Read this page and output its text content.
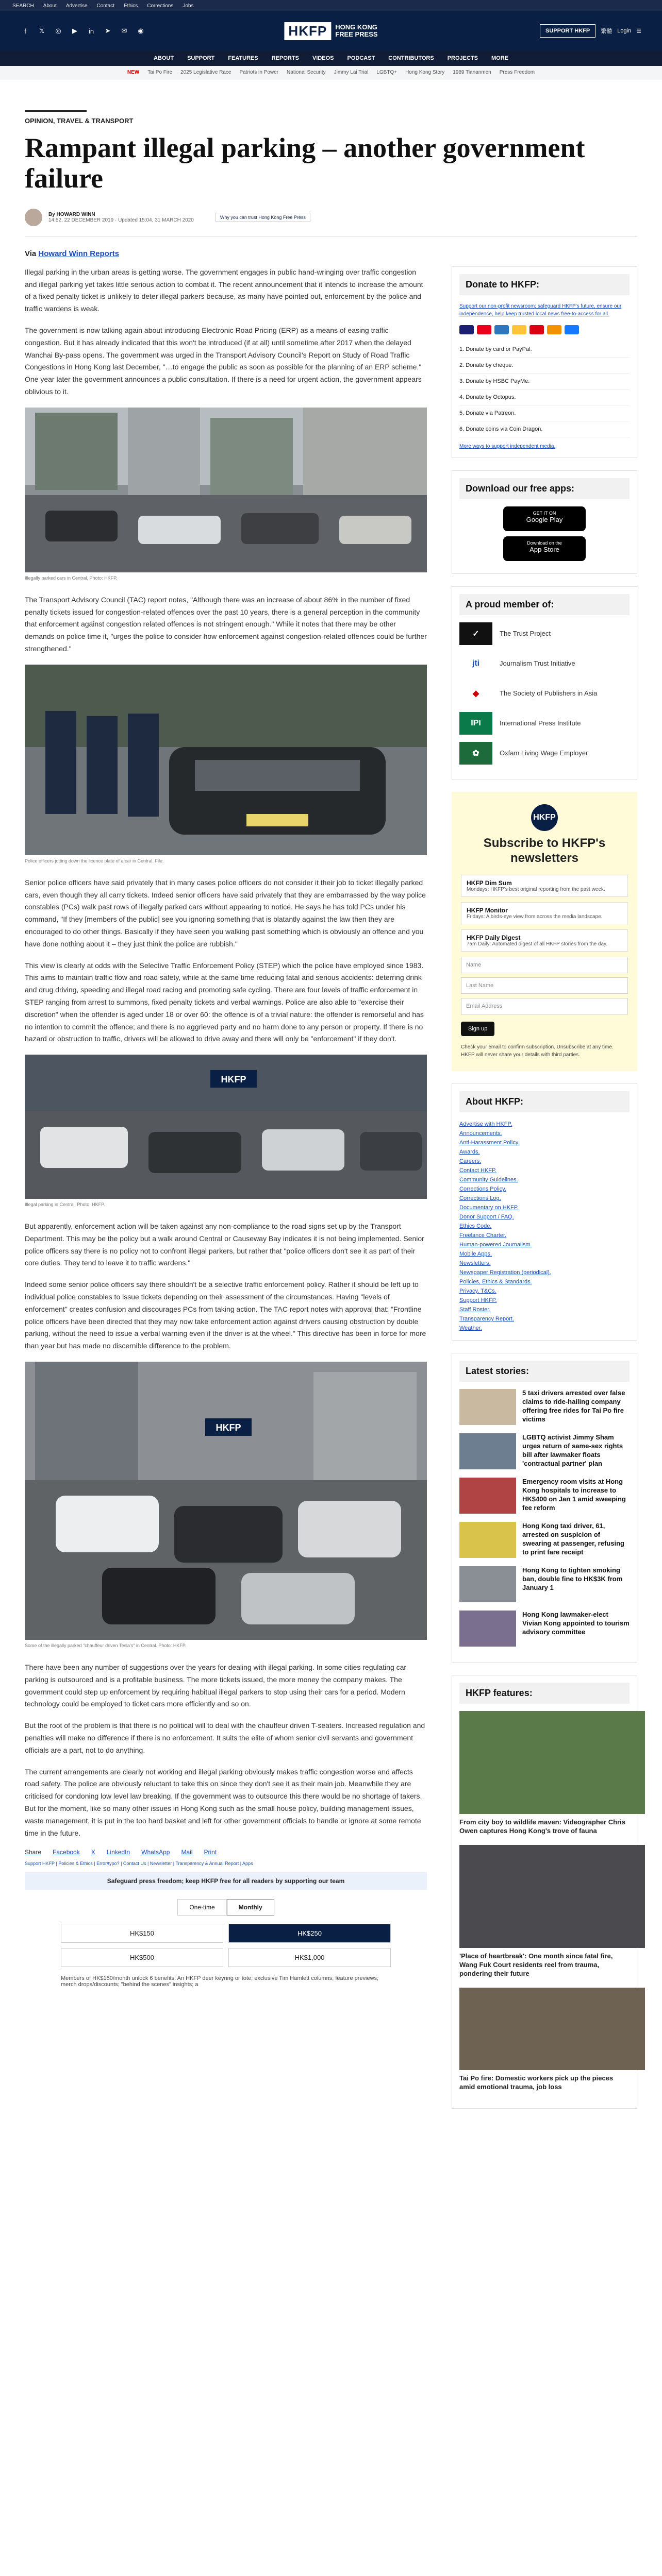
SEARCH About Advertise Contact Ethics Corrections Jobs
f	𝕏 ◎	▶	in	➤ ✉ ◉	HKFP	HONG KONG
FREE PRESS	SUPPORT HKFP	繁體 Login ☰
ABOUT SUPPORT FEATURES REPORTS VIDEOS PODCAST CONTRIBUTORS PROJECTS MORE
NEW Tai Po Fire 2025 Legislative Race Patriots in Power National Security Jimmy Lai Trial LGBTQ+ Hong Kong Story 1989 Tiananmen Press Freedom
OPINION, TRAVEL & TRANSPORT
Rampant illegal parking – another government failure
By HOWARD WINN
14:52, 22 DECEMBER 2019 · Updated 15:04, 31 MARCH 2020	Why you can trust Hong Kong Free Press
Via Howard Winn Reports

Illegal parking in the urban areas is getting worse. The government engages in public hand-wringing over traffic congestion and illegal parking yet takes little serious action to combat it. The recent announcement that it intends to increase the amount of a fixed penalty ticket is unlikely to deter illegal parkers because, as many have pointed out, enforcement by the police and traffic wardens is weak.

The government is now talking again about introducing Electronic Road Pricing (ERP) as a means of easing traffic congestion. But it has already indicated that this won't be introduced (if at all) until sometime after 2017 when the delayed Wanchai By-pass opens. The government was urged in the Transport Advisory Council's Report on Study of Road Traffic Congestions in Hong Kong last December, "…to engage the public as soon as possible for the planning of an ERP scheme." One year later the government announces a public consultation. If there is a need for urgent action, the government appears oblivious to it.

Illegally parked cars in Central. Photo: HKFP.

The Transport Advisory Council (TAC) report notes, "Although there was an increase of about 86% in the number of fixed penalty tickets issued for congestion-related offences over the past 10 years, there is a general perception in the community that enforcement against congestion related offences is not stringent enough." While it notes that there may be other demands on police time it, "urges the police to consider how enforcement against congestion-related offences could be further strengthened."

Police officers jotting down the licence plate of a car in Central. File.

Senior police officers have said privately that in many cases police officers do not consider it their job to ticket illegally parked cars, even though they all carry tickets. Indeed senior officers have said privately that they are embarrassed by the way police constables (PCs) walk past rows of illegally parked cars without appearing to notice. He says he has told PCs under his command, "If they [members of the public] see you ignoring something that is blatantly against the law then they are encouraged to do other things. Basically if they have seen you walking past something which is obviously an offence and you have done nothing about it – they just think the police are rubbish."

This view is clearly at odds with the Selective Traffic Enforcement Policy (STEP) which the police have employed since 1983. This aims to maintain traffic flow and road safety, while at the same time reducing fatal and serious accidents: deterring drink and drug driving, speeding and illegal road racing and promoting safe cycling. There are four levels of traffic enforcement in STEP ranging from arrest to summons, fixed penalty tickets and verbal warnings. Police are also able to "exercise their discretion" when the offender is aged under 18 or over 60: the offence is of a trivial nature: the offender is remorseful and has no intention to commit the offence; and there is no aggrieved party and no harm done to any person or property. If there is no hazard or obstruction to traffic, drivers will be allowed to drive away and there will only be "enforcement" if they don't.

HKFP
Illegal parking in Central. Photo: HKFP.

But apparently, enforcement action will be taken against any non-compliance to the road signs set up by the Transport Department. This may be the policy but a walk around Central or Causeway Bay indicates it is not being implemented. Senior police officers say there is no policy not to confront illegal parkers, but rather that "police officers don't see it as part of their core duties. They tend to leave it to traffic wardens."

Indeed some senior police officers say there shouldn't be a selective traffic enforcement policy. Rather it should be left up to individual police constables to issue tickets depending on their assessment of the circumstances. Having "levels of enforcement" creates confusion and discourages PCs from taking action. The TAC report notes with approval that: "Frontline police officers have been directed that they may now take enforcement action against drivers causing obstruction by double parking, without the need to issue a verbal warning even if the driver is at the wheel." This directive has been in force for more than year but has made no discernible difference to the problem.

HKFP
Some of the illegally parked "chauffeur driven Tesla's" in Central. Photo: HKFP.

There have been any number of suggestions over the years for dealing with illegal parking. In some cities regulating car parking is outsourced and is a profitable business. The more tickets issued, the more money the company makes. The government could step up enforcement by requiring habitual illegal parkers to stop using their cars for a period. Modern technology could be employed to ticket cars more efficiently and so on.

But the root of the problem is that there is no political will to deal with the chauffeur driven T-seaters. Increased regulation and penalties will make no difference if there is no enforcement. It suits the elite of whom senior civil servants and government officials are a part, not to do anything.

The current arrangements are clearly not working and illegal parking obviously makes traffic congestion worse and affects road safety. The police are obviously reluctant to take this on since they don't see it as their main job. Meanwhile they are criticised for condoning low level law breaking. If the government was to outsource this there would be no shortage of takers. But for the moment, like so many other issues in Hong Kong such as the small house policy, building management issues, waste management, it is put in the too hard basket and left for other government officials to handle or ignore at some remote time in the future.

Share Facebook X LinkedIn WhatsApp Mail Print
Support HKFP | Policies & Ethics | Error/typo? | Contact Us | Newsletter | Transparency & Annual Report | Apps
Safeguard press freedom; keep HKFP free for all readers by supporting our team
One-time	Monthly
HK$150	HK$250
HK$500	HK$1,000
Members of HK$150/month unlock 6 benefits: An HKFP deer keyring or tote; exclusive Tim Hamlett columns; feature previews; merch drops/discounts; "behind the scenes" insights; a
Donate to HKFP:
Support our non-profit newsroom: safeguard HKFP's future, ensure our independence, help keep trusted local news free-to-access for all.
1. Donate by card or PayPal.
2. Donate by cheque.
3. Donate by HSBC PayMe.
4. Donate by Octopus.
5. Donate via Patreon.
6. Donate coins via Coin Dragon.
More ways to support independent media.
Download our free apps:
GET IT ON
Google Play
Download on the
App Store
A proud member of:
✓	The Trust Project
jti	Journalism Trust Initiative
◆	The Society of Publishers in Asia
IPI	International Press Institute
✿	Oxfam Living Wage Employer
HKFP
Subscribe to HKFP's newsletters
HKFP Dim Sum
Mondays: HKFP's best original reporting from the past week.
HKFP Monitor
Fridays: A birds-eye view from across the media landscape.
HKFP Daily Digest
7am Daily: Automated digest of all HKFP stories from the day.
Name
Last Name
Email Address
Sign up
Check your email to confirm subscription. Unsubscribe at any time. HKFP will never share your details with third parties.
About HKFP:
Advertise with HKFP.
Announcements.
Anti-Harassment Policy.
Awards.
Careers.
Contact HKFP.
Community Guidelines.
Corrections Policy.
Corrections Log.
Documentary on HKFP.
Donor Support / FAQ.
Ethics Code.
Freelance Charter.
Human-powered Journalism.
Mobile Apps.
Newsletters.
Newspaper Registration (periodical).
Policies, Ethics & Standards.
Privacy, T&Cs.
Support HKFP.
Staff Roster.
Transparency Report.
Weather.
Latest stories:
5 taxi drivers arrested over false claims to ride-hailing company offering free rides for Tai Po fire victims
LGBTQ activist Jimmy Sham urges return of same-sex rights bill after lawmaker floats 'contractual partner' plan
Emergency room visits at Hong Kong hospitals to increase to HK$400 on Jan 1 amid sweeping fee reform
Hong Kong taxi driver, 61, arrested on suspicion of swearing at passenger, refusing to print fare receipt
Hong Kong to tighten smoking ban, double fine to HK$3K from January 1
Hong Kong lawmaker-elect Vivian Kong appointed to tourism advisory committee
HKFP features:
From city boy to wildlife maven: Videographer Chris Owen captures Hong Kong's trove of fauna
'Place of heartbreak': One month since fatal fire, Wang Fuk Court residents reel from trauma, pondering their future
Tai Po fire: Domestic workers pick up the pieces amid emotional trauma, job loss
